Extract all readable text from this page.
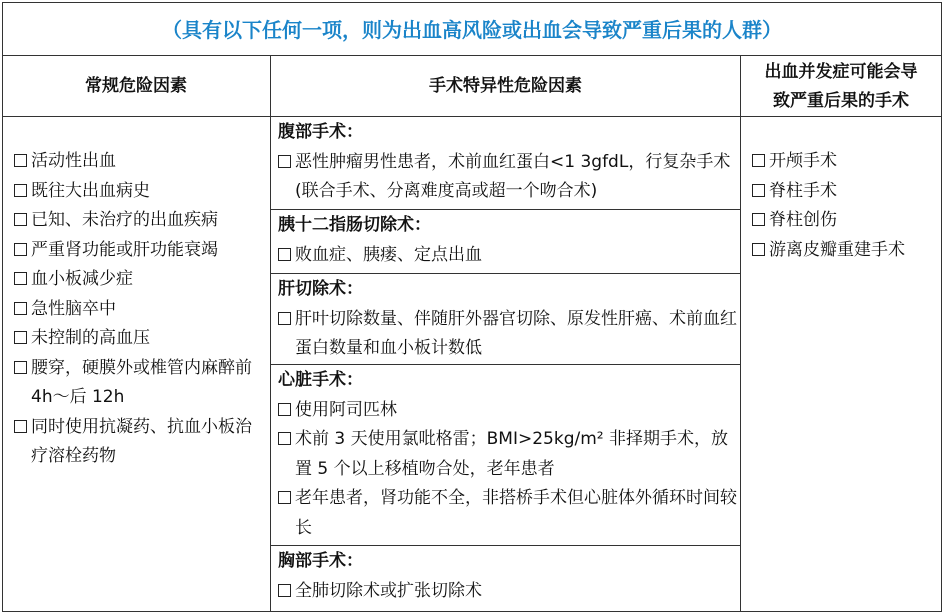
（具有以下任何一项，则为出血高风险或出血会导致严重后果的人群）
常规危险因素	手术特异性危险因素
出血并发症可能会导
致严重后果的手术
活动性出血
既往大出血病史
已知、未治疗的出血疾病
严重肾功能或肝功能衰竭
血小板减少症
急性脑卒中
未控制的高血压
腰穿，硬膜外或椎管内麻醉前 4h～后 12h
同时使用抗凝药、抗血小板治疗溶栓药物
腹部手术：
恶性肿瘤男性患者，术前血红蛋白<1 3gfdL，行复杂手术(联合手术、分离难度高或超一个吻合术)
胰十二指肠切除术：
败血症、胰瘘、定点出血
肝切除术：
肝叶切除数量、伴随肝外器官切除、原发性肝癌、术前血红蛋白数量和血小板计数低
心脏手术：
使用阿司匹林
术前 3 天使用氯吡格雷；BMI>25kg/m² 非择期手术，放置 5 个以上移植吻合处，老年患者
老年患者，肾功能不全，非搭桥手术但心脏体外循环时间较长
胸部手术：
全肺切除术或扩张切除术
开颅手术
脊柱手术
脊柱创伤
游离皮瓣重建手术
